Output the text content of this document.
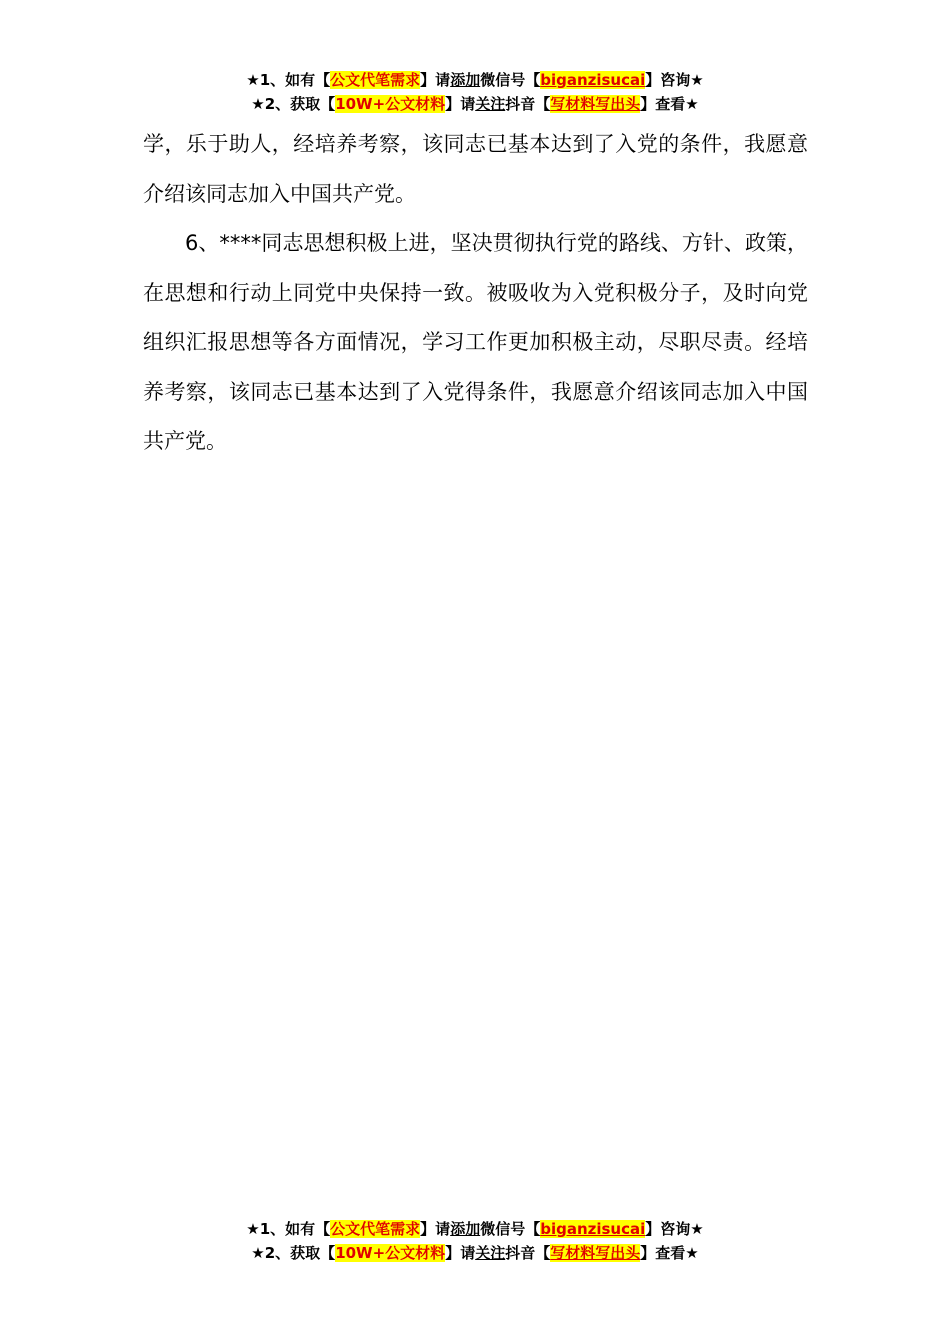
★1、如有【公文代笔需求】请添加微信号【biganzisucai】咨询★
★2、获取【10W+公文材料】请关注抖音【写材料写出头】查看★

学，乐于助人，经培养考察，该同志已基本达到了入党的条件，我愿意介绍该同志加入中国共产党。

6、****同志思想积极上进，坚决贯彻执行党的路线、方针、政策，在思想和行动上同党中央保持一致。被吸收为入党积极分子，及时向党组织汇报思想等各方面情况，学习工作更加积极主动，尽职尽责。经培养考察，该同志已基本达到了入党得条件，我愿意介绍该同志加入中国共产党。

★1、如有【公文代笔需求】请添加微信号【biganzisucai】咨询★
★2、获取【10W+公文材料】请关注抖音【写材料写出头】查看★
